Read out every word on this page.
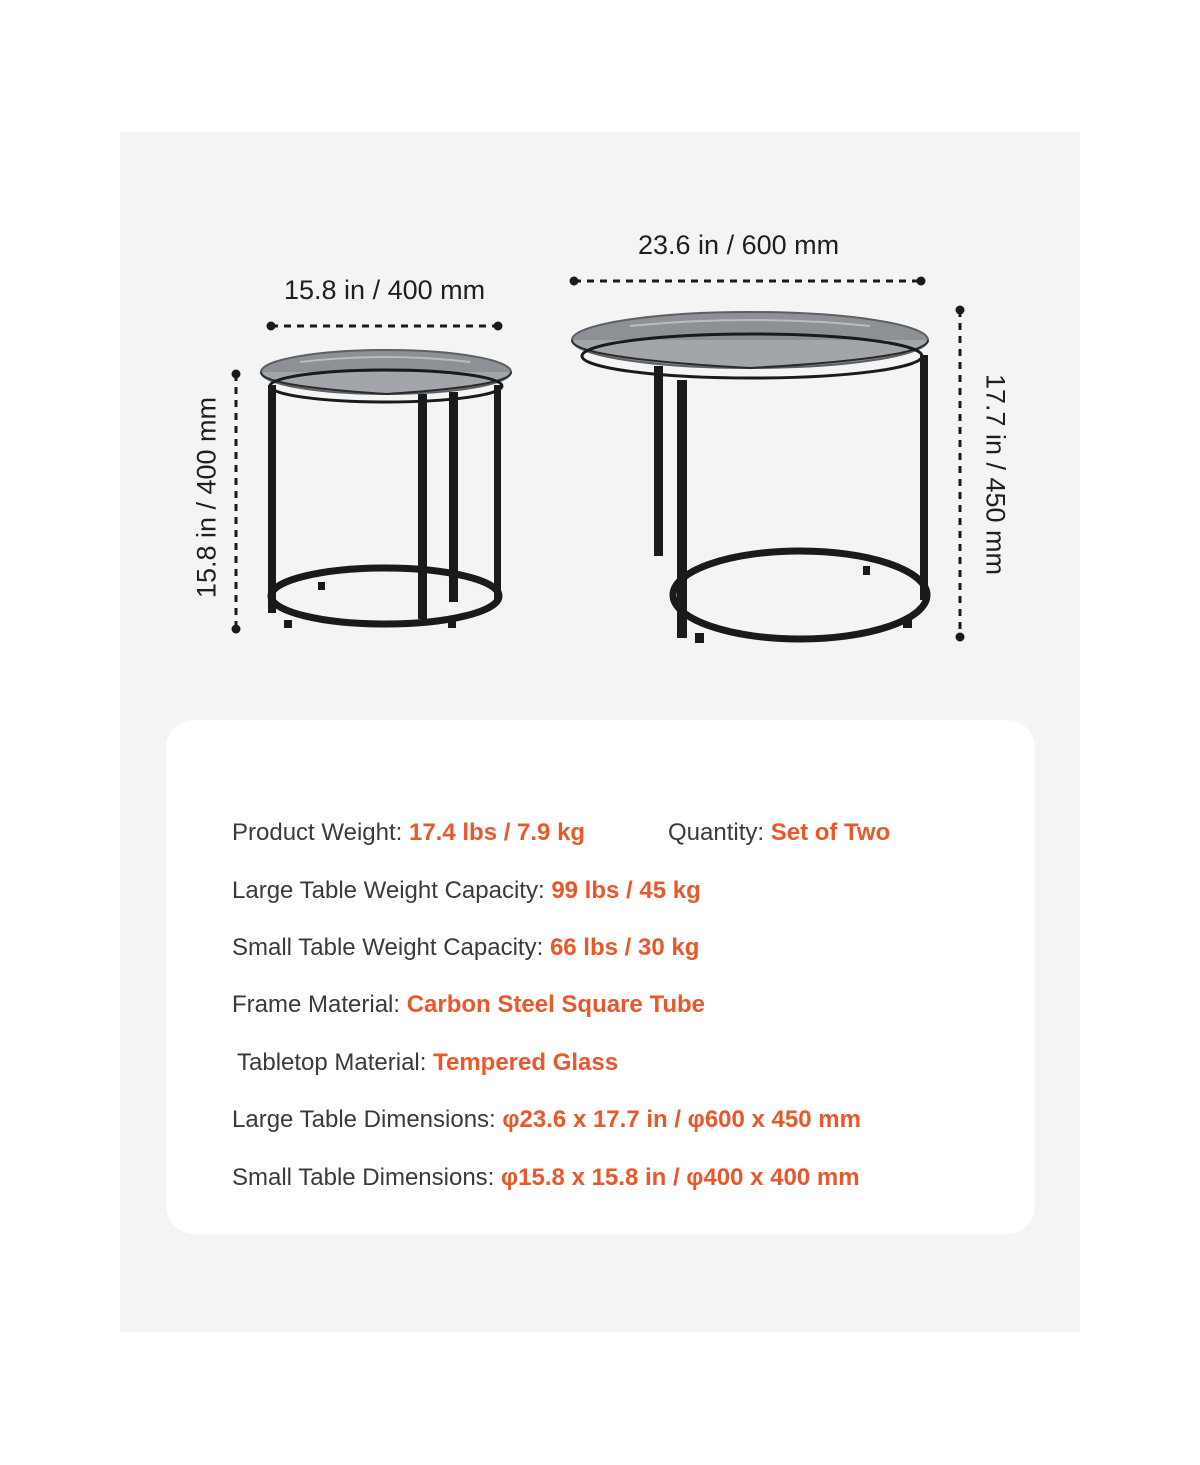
15.8 in / 400 mm
15.8 in / 400 mm
23.6 in / 600 mm
17.7 in / 450 mm
Product Weight: 17.4 lbs / 7.9 kg	Quantity: Set of Two
Large Table Weight Capacity: 99 lbs / 45 kg
Small Table Weight Capacity: 66 lbs / 30 kg
Frame Material: Carbon Steel Square Tube
Tabletop Material: Tempered Glass
Large Table Dimensions: φ23.6 x 17.7 in / φ600 x 450 mm
Small Table Dimensions: φ15.8 x 15.8 in / φ400 x 400 mm
